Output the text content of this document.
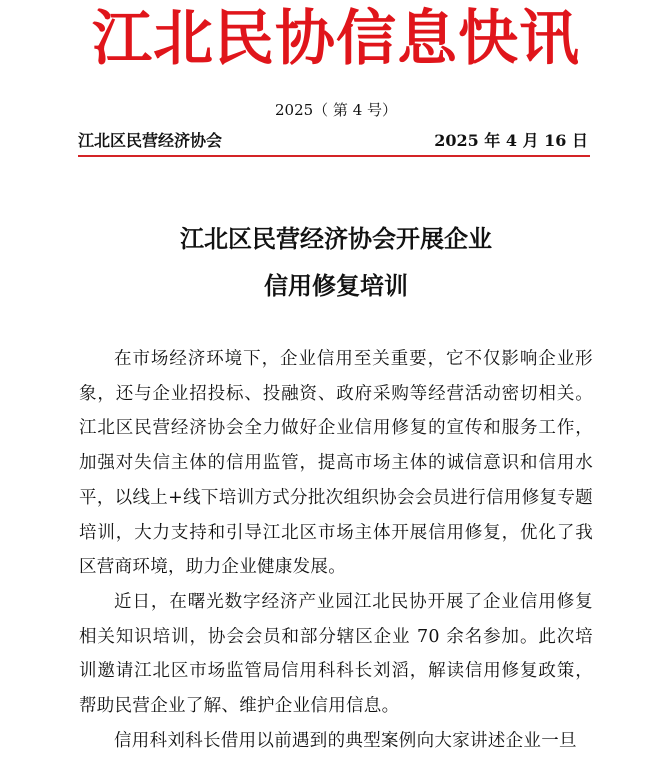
江北民协信息快讯
2025（ 第 4 号）
江北区民营经济协会	2025 年 4 月 16 日
江北区民营经济协会开展企业
信用修复培训

在市场经济环境下，企业信用至关重要，它不仅影响企业形象，还与企业招投标、投融资、政府采购等经营活动密切相关。江北区民营经济协会全力做好企业信用修复的宣传和服务工作，加强对失信主体的信用监管，提高市场主体的诚信意识和信用水平，以线上+线下培训方式分批次组织协会会员进行信用修复专题培训，大力支持和引导江北区市场主体开展信用修复，优化了我区营商环境，助力企业健康发展。

近日，在曙光数字经济产业园江北民协开展了企业信用修复相关知识培训，协会会员和部分辖区企业 70 余名参加。此次培训邀请江北区市场监管局信用科科长刘滔，解读信用修复政策，帮助民营企业了解、维护企业信用信息。

信用科刘科长借用以前遇到的典型案例向大家讲述企业一旦
